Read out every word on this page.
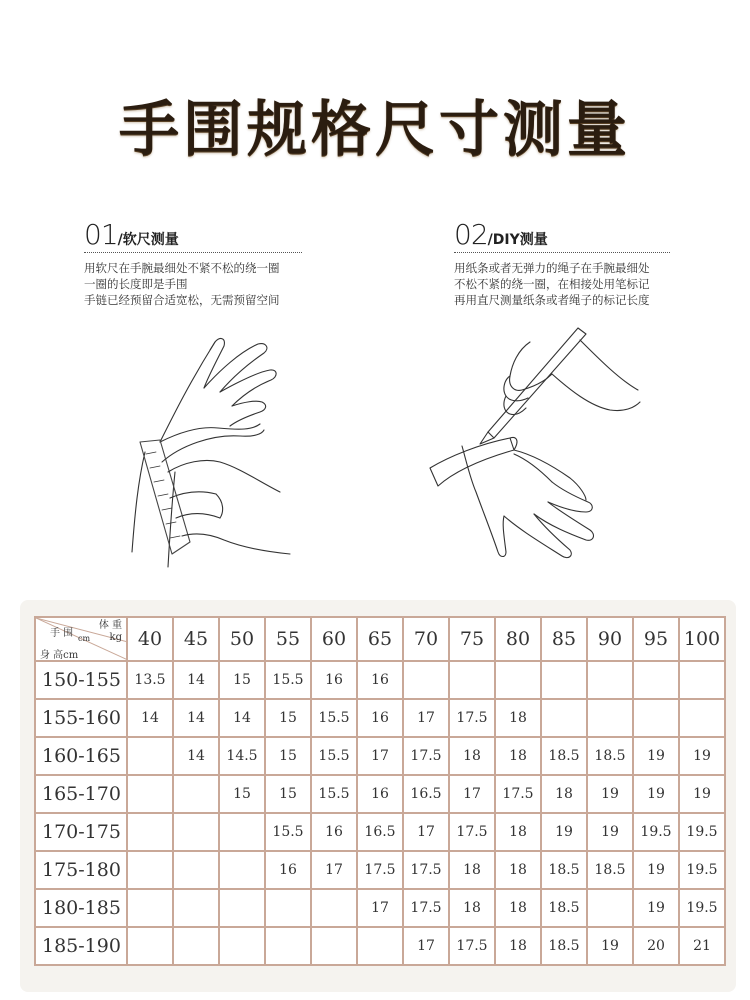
手围规格尺寸测量
01/软尺测量
用软尺在手腕最细处不紧不松的绕一圈
一圈的长度即是手围
手链已经预留合适宽松，无需预留空间
02/DIY测量
用纸条或者无弹力的绳子在手腕最细处
不松不紧的绕一圈，在相接处用笔标记
再用直尺测量纸条或者绳子的标记长度
手 围 cm
体 重
kg
身 高cm	40	45	50	55	60	65	70	75	80	85	90	95	100
150-155	13.5	14	15	15.5	16	16							
155-160	14	14	14	15	15.5	16	17	17.5	18				
160-165		14	14.5	15	15.5	17	17.5	18	18	18.5	18.5	19	19
165-170			15	15	15.5	16	16.5	17	17.5	18	19	19	19
170-175				15.5	16	16.5	17	17.5	18	19	19	19.5	19.5
175-180				16	17	17.5	17.5	18	18	18.5	18.5	19	19.5
180-185						17	17.5	18	18	18.5		19	19.5
185-190							17	17.5	18	18.5	19	20	21
